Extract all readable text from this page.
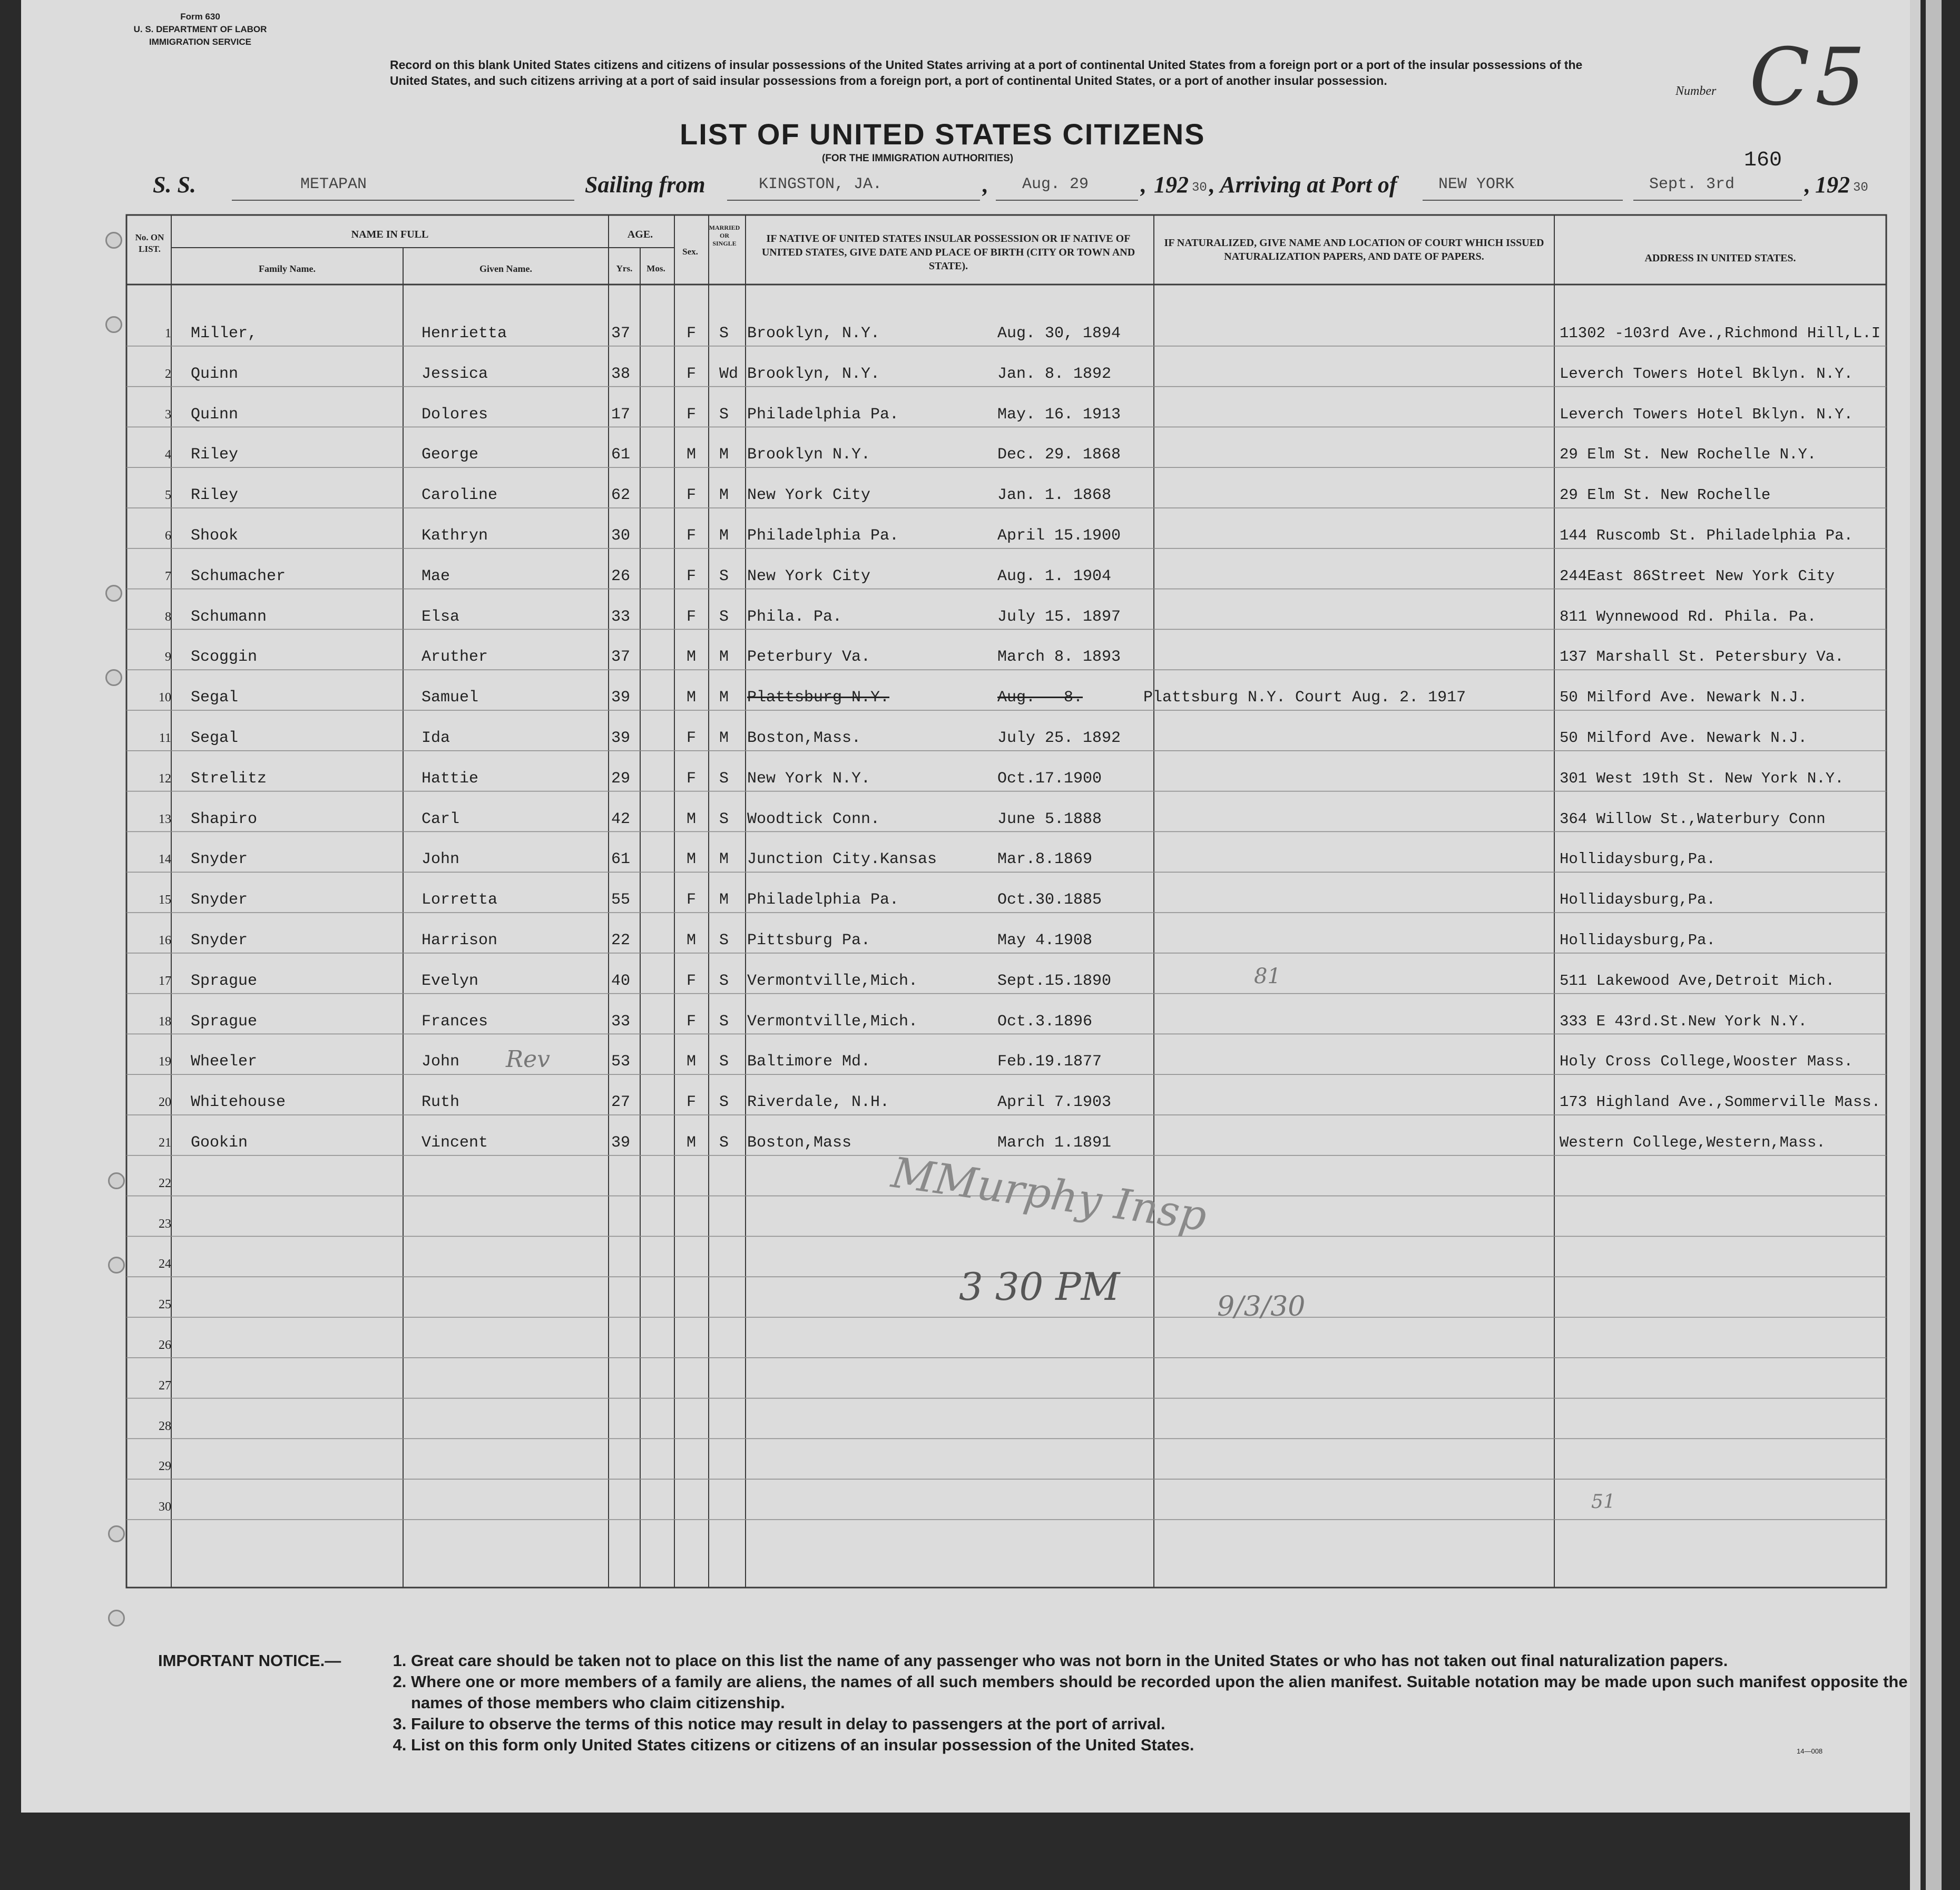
Form 630
U. S. DEPARTMENT OF LABOR
IMMIGRATION SERVICE
Record on this blank United States citizens and citizens of insular possessions of the United States arriving at a port of continental United States from a foreign port or a port of the insular possessions of the United States, and such citizens arriving at a port of said insular possessions from a foreign port, a port of continental United States, or a port of another insular possession.
Number C5
LIST OF UNITED STATES CITIZENS
(FOR THE IMMIGRATION AUTHORITIES)	160
S. S.	METAPAN	Sailing from	KINGSTON, JA.	, Aug. 29 , 192 30 , Arriving at Port of	NEW YORK	Sept. 3rd	, 192 30
No. ON LIST.
NAME IN FULL
Family Name.	Given Name.
AGE.
Yrs.	Mos.
Sex.
MARRIED OR SINGLE	IF NATIVE OF UNITED STATES INSULAR POSSESSION OR IF NATIVE OF UNITED STATES, GIVE DATE AND PLACE OF BIRTH (CITY OR TOWN AND STATE).
IF NATURALIZED, GIVE NAME AND LOCATION OF COURT WHICH ISSUED NATURALIZATION PAPERS, AND DATE OF PAPERS.	ADDRESS IN UNITED STATES.
1 Miller,	Henrietta	37	F S Brooklyn, N.Y.	Aug. 30, 1894	11302 -103rd Ave.,Richmond Hill,L.I
2 Quinn	Jessica	38	F Wd Brooklyn, N.Y.	Jan. 8. 1892	Leverch Towers Hotel Bklyn. N.Y.
3 Quinn	Dolores	17	F S Philadelphia Pa.	May. 16. 1913	Leverch Towers Hotel Bklyn. N.Y.
4 Riley	George	61	M M Brooklyn N.Y.	Dec. 29. 1868	29 Elm St. New Rochelle N.Y.
5 Riley	Caroline	62	F M New York City	Jan. 1. 1868	29 Elm St. New Rochelle
6 Shook	Kathryn	30	F M Philadelphia Pa.	April 15.1900	144 Ruscomb St. Philadelphia Pa.
7 Schumacher	Mae	26	F S New York City	Aug. 1. 1904	244East 86Street New York City
8 Schumann	Elsa	33	F S Phila. Pa.	July 15. 1897	811 Wynnewood Rd. Phila. Pa.
9 Scoggin	Aruther	37	M M Peterbury Va.	March 8. 1893	137 Marshall St. Petersbury Va.
10 Segal	Samuel	39	M M Plattsburg N.Y.	Aug. - 8.	Plattsburg N.Y. Court Aug. 2. 1917	50 Milford Ave. Newark N.J.
11 Segal	Ida	39	F M Boston,Mass.	July 25. 1892	50 Milford Ave. Newark N.J.
12 Strelitz	Hattie	29	F S New York N.Y.	Oct.17.1900	301 West 19th St. New York N.Y.
13 Shapiro	Carl	42	M S Woodtick Conn.	June 5.1888	364 Willow St.,Waterbury Conn
14 Snyder	John	61	M M Junction City.Kansas	Mar.8.1869	Hollidaysburg,Pa.
15 Snyder	Lorretta	55	F M Philadelphia Pa.	Oct.30.1885	Hollidaysburg,Pa.
16 Snyder	Harrison	22	M S Pittsburg Pa.	May 4.1908	Hollidaysburg,Pa.
17 Sprague	Evelyn	40	F S Vermontville,Mich.	Sept.15.1890	511 Lakewood Ave,Detroit Mich.
18 Sprague	Frances	33	F S Vermontville,Mich.	Oct.3.1896	333 E 43rd.St.New York N.Y.
19 Wheeler	John	53	M S Baltimore Md.	Feb.19.1877	Holy Cross College,Wooster Mass.
20 Whitehouse	Ruth	27	F S Riverdale, N.H.	April 7.1903	173 Highland Ave.,Sommerville Mass.
21 Gookin	Vincent	39	M S Boston,Mass	March 1.1891	Western College,Western,Mass.
22
23
24
25
26
27
28
29
30
Rev
81
MMurphy Insp
3 30 PM	9/3/30
51
IMPORTANT NOTICE.—
1.	Great care should be taken not to place on this list the name of any passenger who was not born in the United States or who has not taken out final naturalization papers.
2. Where one or more members of a family are aliens, the names of all such members should be recorded upon the alien manifest. Suitable notation may be made upon such manifest opposite the names of those members who claim citizenship.
3. Failure to observe the terms of this notice may result in delay to passengers at the port of arrival.
4. List on this form only United States citizens or citizens of an insular possession of the United States.	14—008
